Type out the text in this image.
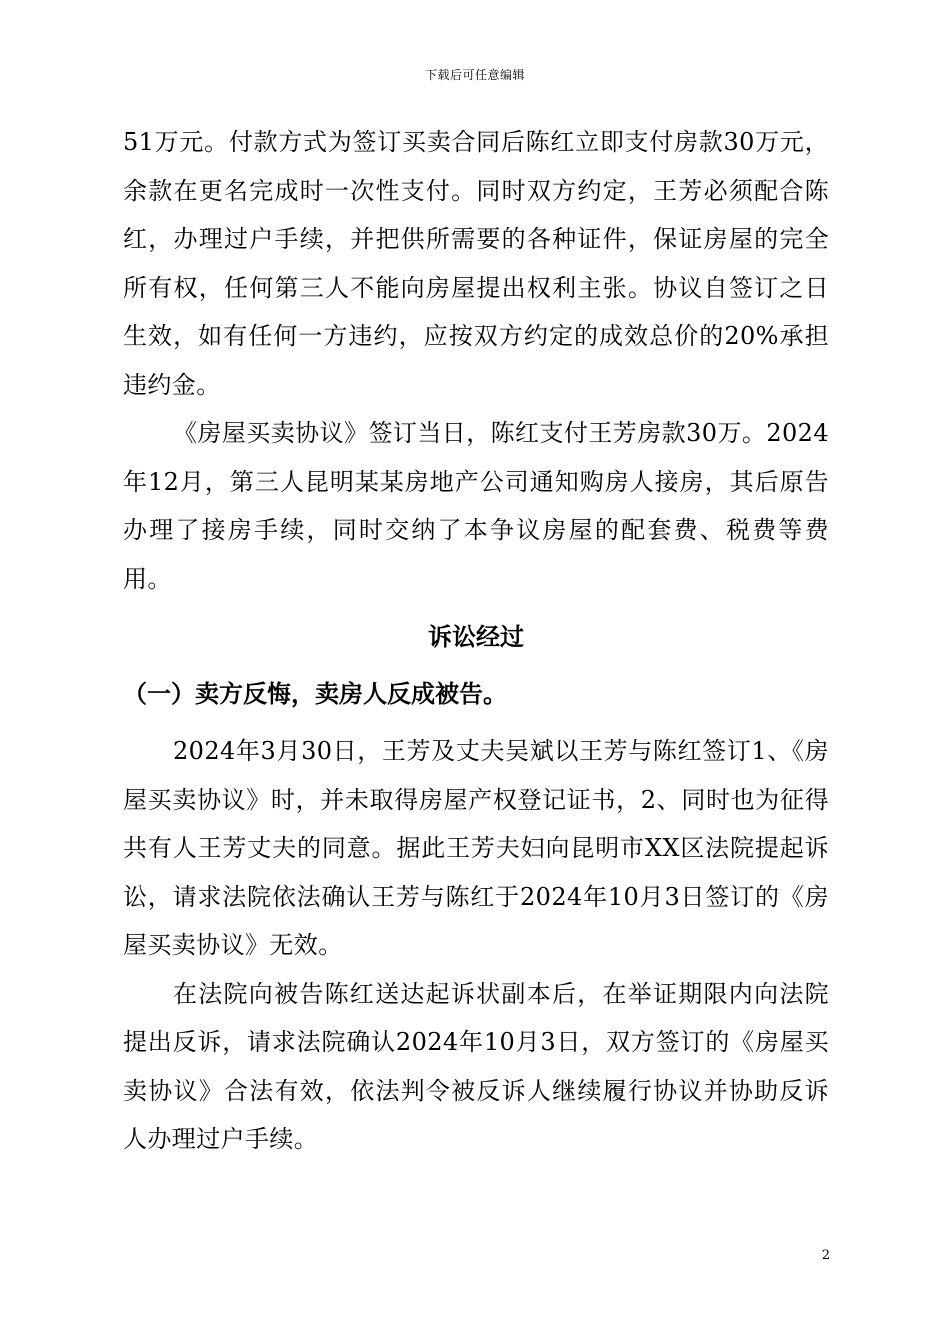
下载后可任意编辑

51万元。付款方式为签订买卖合同后陈红立即支付房款30万元，余款在更名完成时一次性支付。同时双方约定，王芳必须配合陈红，办理过户手续，并把供所需要的各种证件，保证房屋的完全所有权，任何第三人不能向房屋提出权利主张。协议自签订之日生效，如有任何一方违约，应按双方约定的成效总价的20%承担违约金。

《房屋买卖协议》签订当日，陈红支付王芳房款30万。2024年12月，第三人昆明某某房地产公司通知购房人接房，其后原告办理了接房手续，同时交纳了本争议房屋的配套费、税费等费用。

诉讼经过
（一）卖方反悔，卖房人反成被告。

2024年3月30日，王芳及丈夫吴斌以王芳与陈红签订1、《房屋买卖协议》时，并未取得房屋产权登记证书，2、同时也为征得共有人王芳丈夫的同意。据此王芳夫妇向昆明市XX区法院提起诉讼，请求法院依法确认王芳与陈红于2024年10月3日签订的《房屋买卖协议》无效。

在法院向被告陈红送达起诉状副本后，在举证期限内向法院提出反诉，请求法院确认2024年10月3日，双方签订的《房屋买卖协议》合法有效，依法判令被反诉人继续履行协议并协助反诉人办理过户手续。

2
